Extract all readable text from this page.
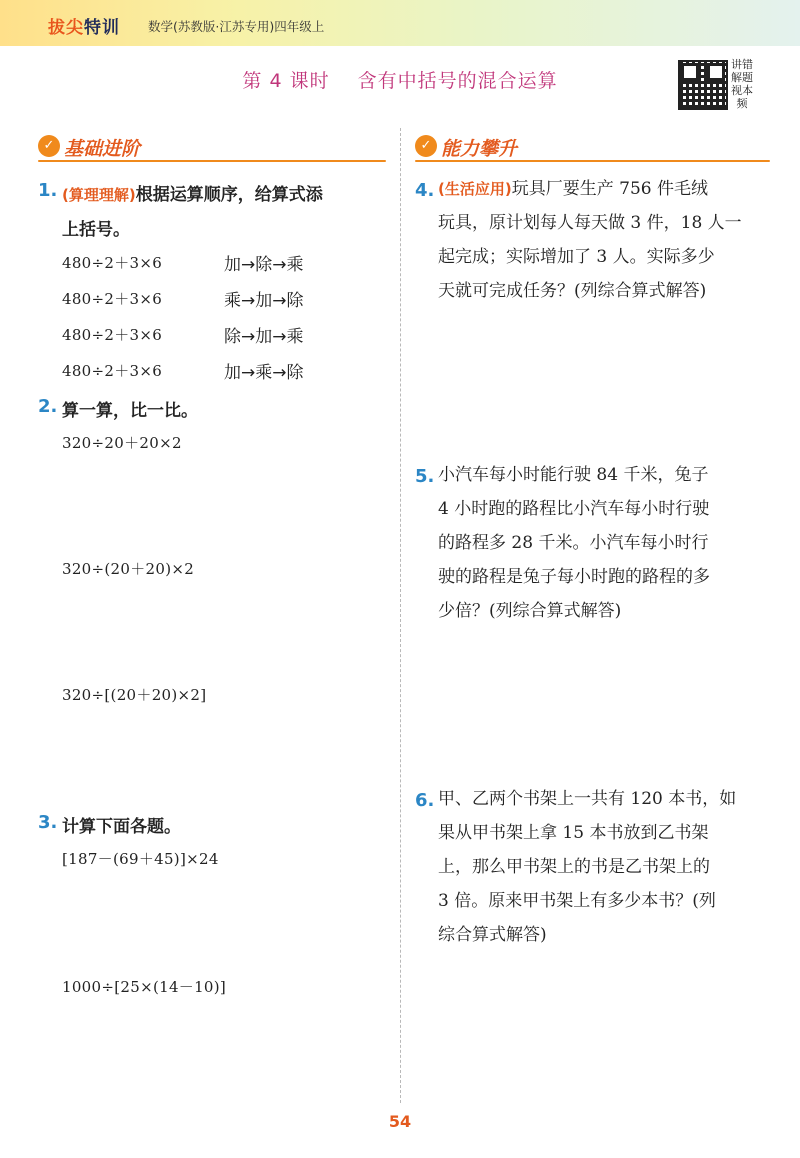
拔尖特训 数学(苏教版·江苏专用)四年级上
第 4 课时 含有中括号的混合运算
讲错
解题
视本
频
✓ 基础进阶	✓ 能力攀升
1. (算理理解)根据运算顺序，给算式添
上括号。
480÷2＋3×6	加→除→乘
480÷2＋3×6	乘→加→除
480÷2＋3×6	除→加→乘
480÷2＋3×6	加→乘→除
2. 算一算，比一比。
320÷20＋20×2
320÷(20＋20)×2
320÷[(20＋20)×2]
3. 计算下面各题。
[187－(69＋45)]×24
1000÷[25×(14－10)]
4. (生活应用)玩具厂要生产 756 件毛绒
玩具，原计划每人每天做 3 件，18 人一
起完成；实际增加了 3 人。实际多少
天就可完成任务？(列综合算式解答)
5. 小汽车每小时能行驶 84 千米，兔子
4 小时跑的路程比小汽车每小时行驶
的路程多 28 千米。小汽车每小时行
驶的路程是兔子每小时跑的路程的多
少倍？(列综合算式解答)
6. 甲、乙两个书架上一共有 120 本书，如
果从甲书架上拿 15 本书放到乙书架
上，那么甲书架上的书是乙书架上的
3 倍。原来甲书架上有多少本书？(列
综合算式解答)
54
